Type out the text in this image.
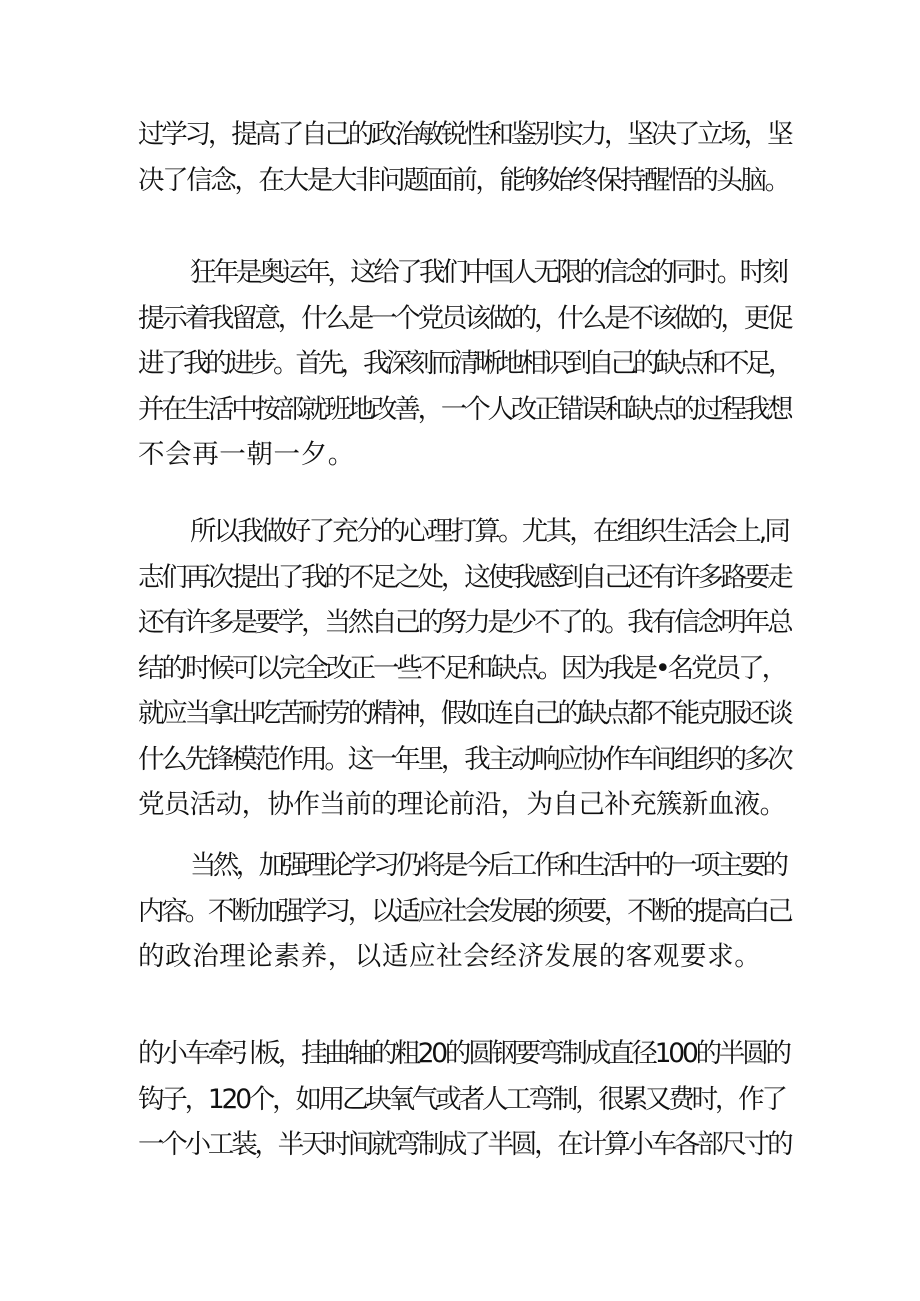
过学习，提高了自己的政治敏锐性和鉴别实力，坚决了立场，坚
决了信念，在大是大非问题面前，能够始终保持醒悟的头脑。
狂年是奥运年，这给了我们中国人无限的信念的同时。时刻
提示着我留意，什么是一个党员该做的，什么是不该做的，更促
进了我的进步。首先，我深刻而清晰地相识到自己的缺点和不足，
并在生活中按部就班地改善，一个人改正错误和缺点的过程我想
不会再一朝一夕。
所以我做好了充分的心理打算。尤其，在组织生活会上,同
志们再次提出了我的不足之处，这使我感到自己还有许多路要走
还有许多是要学，当然自己的努力是少不了的。我有信念明年总
结的时候可以完全改正一些不足和缺点。因为我是•名党员了，
就应当拿出吃苦耐劳的精神，假如连自己的缺点都不能克服还谈
什么先锋模范作用。这一年里，我主动响应协作车间组织的多次
党员活动，协作当前的理论前沿，为自己补充簇新血液。
当然，加强理论学习仍将是今后工作和生活中的一项主要的
内容。不断加强学习，以适应社会发展的须要，不断的提高白己
的政治理论素养，以适应社会经济发展的客观要求。
的小车牵引板，挂曲轴的粗20的圆钢要弯制成直径100的半圆的
钩子，120个，如用乙块氧气或者人工弯制，很累又费时，作了
一个小工装，半天时间就弯制成了半圆，在计算小车各部尺寸的
